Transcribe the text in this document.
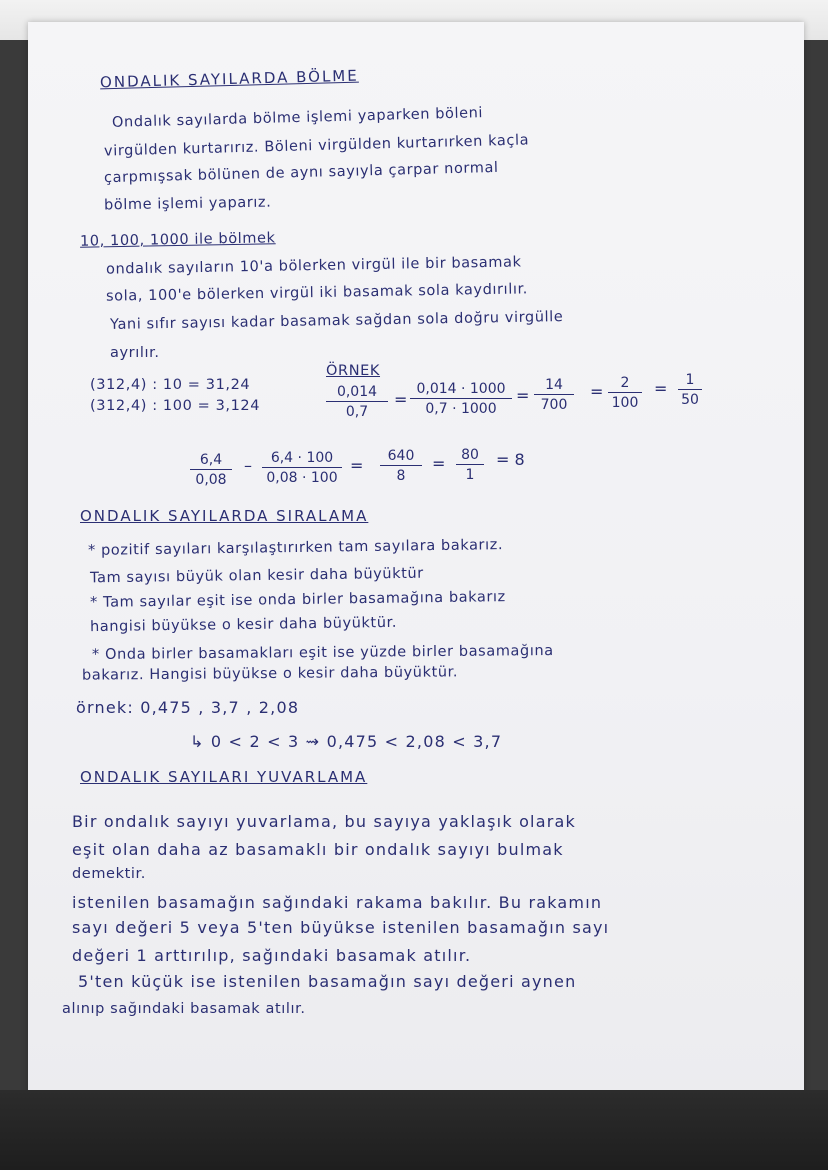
ONDALIK SAYILARDA BÖLME
Ondalık sayılarda bölme işlemi yaparken böleni
virgülden kurtarırız. Böleni virgülden kurtarırken kaçla
çarpmışsak bölünen de aynı sayıyla çarpar normal
bölme işlemi yaparız.
10, 100, 1000 ile bölmek
ondalık sayıların 10'a bölerken virgül ile bir basamak
sola, 100'e bölerken virgül iki basamak sola kaydırılır.
Yani sıfır sayısı kadar basamak sağdan sola doğru virgülle
ayrılır.
(312,4) : 10 = 31,24
(312,4) : 100 = 3,124
ÖRNEK
$\frac{0,014}{0,7} = \frac{0,014 \cdot 1000}{0,7 \cdot 1000} = \frac{14}{700} = \frac{2}{100} = \frac{1}{50}$
$\frac{6,4}{0,08} - \frac{6,4 \cdot 100}{0,08 \cdot 100} = \frac{640}{8} = \frac{80}{1} = 8$
ONDALIK SAYILARDA SIRALAMA
* pozitif sayıları karşılaştırırken tam sayılara bakarız.
Tam sayısı büyük olan kesir daha büyüktür
* Tam sayılar eşit ise onda birler basamağına bakarız
hangisi büyükse o kesir daha büyüktür.
* Onda birler basamakları eşit ise yüzde birler basamağına
bakarız. Hangisi büyükse o kesir daha büyüktür.
örnek: 0,475 , 3,7 , 2,08
↳ 0 < 2 < 3 ⇝ 0,475 < 2,08 < 3,7
ONDALIK SAYILARI YUVARLAMA
Bir ondalık sayıyı yuvarlama, bu sayıya yaklaşık olarak
eşit olan daha az basamaklı bir ondalık sayıyı bulmak
demektir.
istenilen basamağın sağındaki rakama bakılır. Bu rakamın
sayı değeri 5 veya 5'ten büyükse istenilen basamağın sayı
değeri 1 arttırılıp, sağındaki basamak atılır.
5'ten küçük ise istenilen basamağın sayı değeri aynen
alınıp sağındaki basamak atılır.
